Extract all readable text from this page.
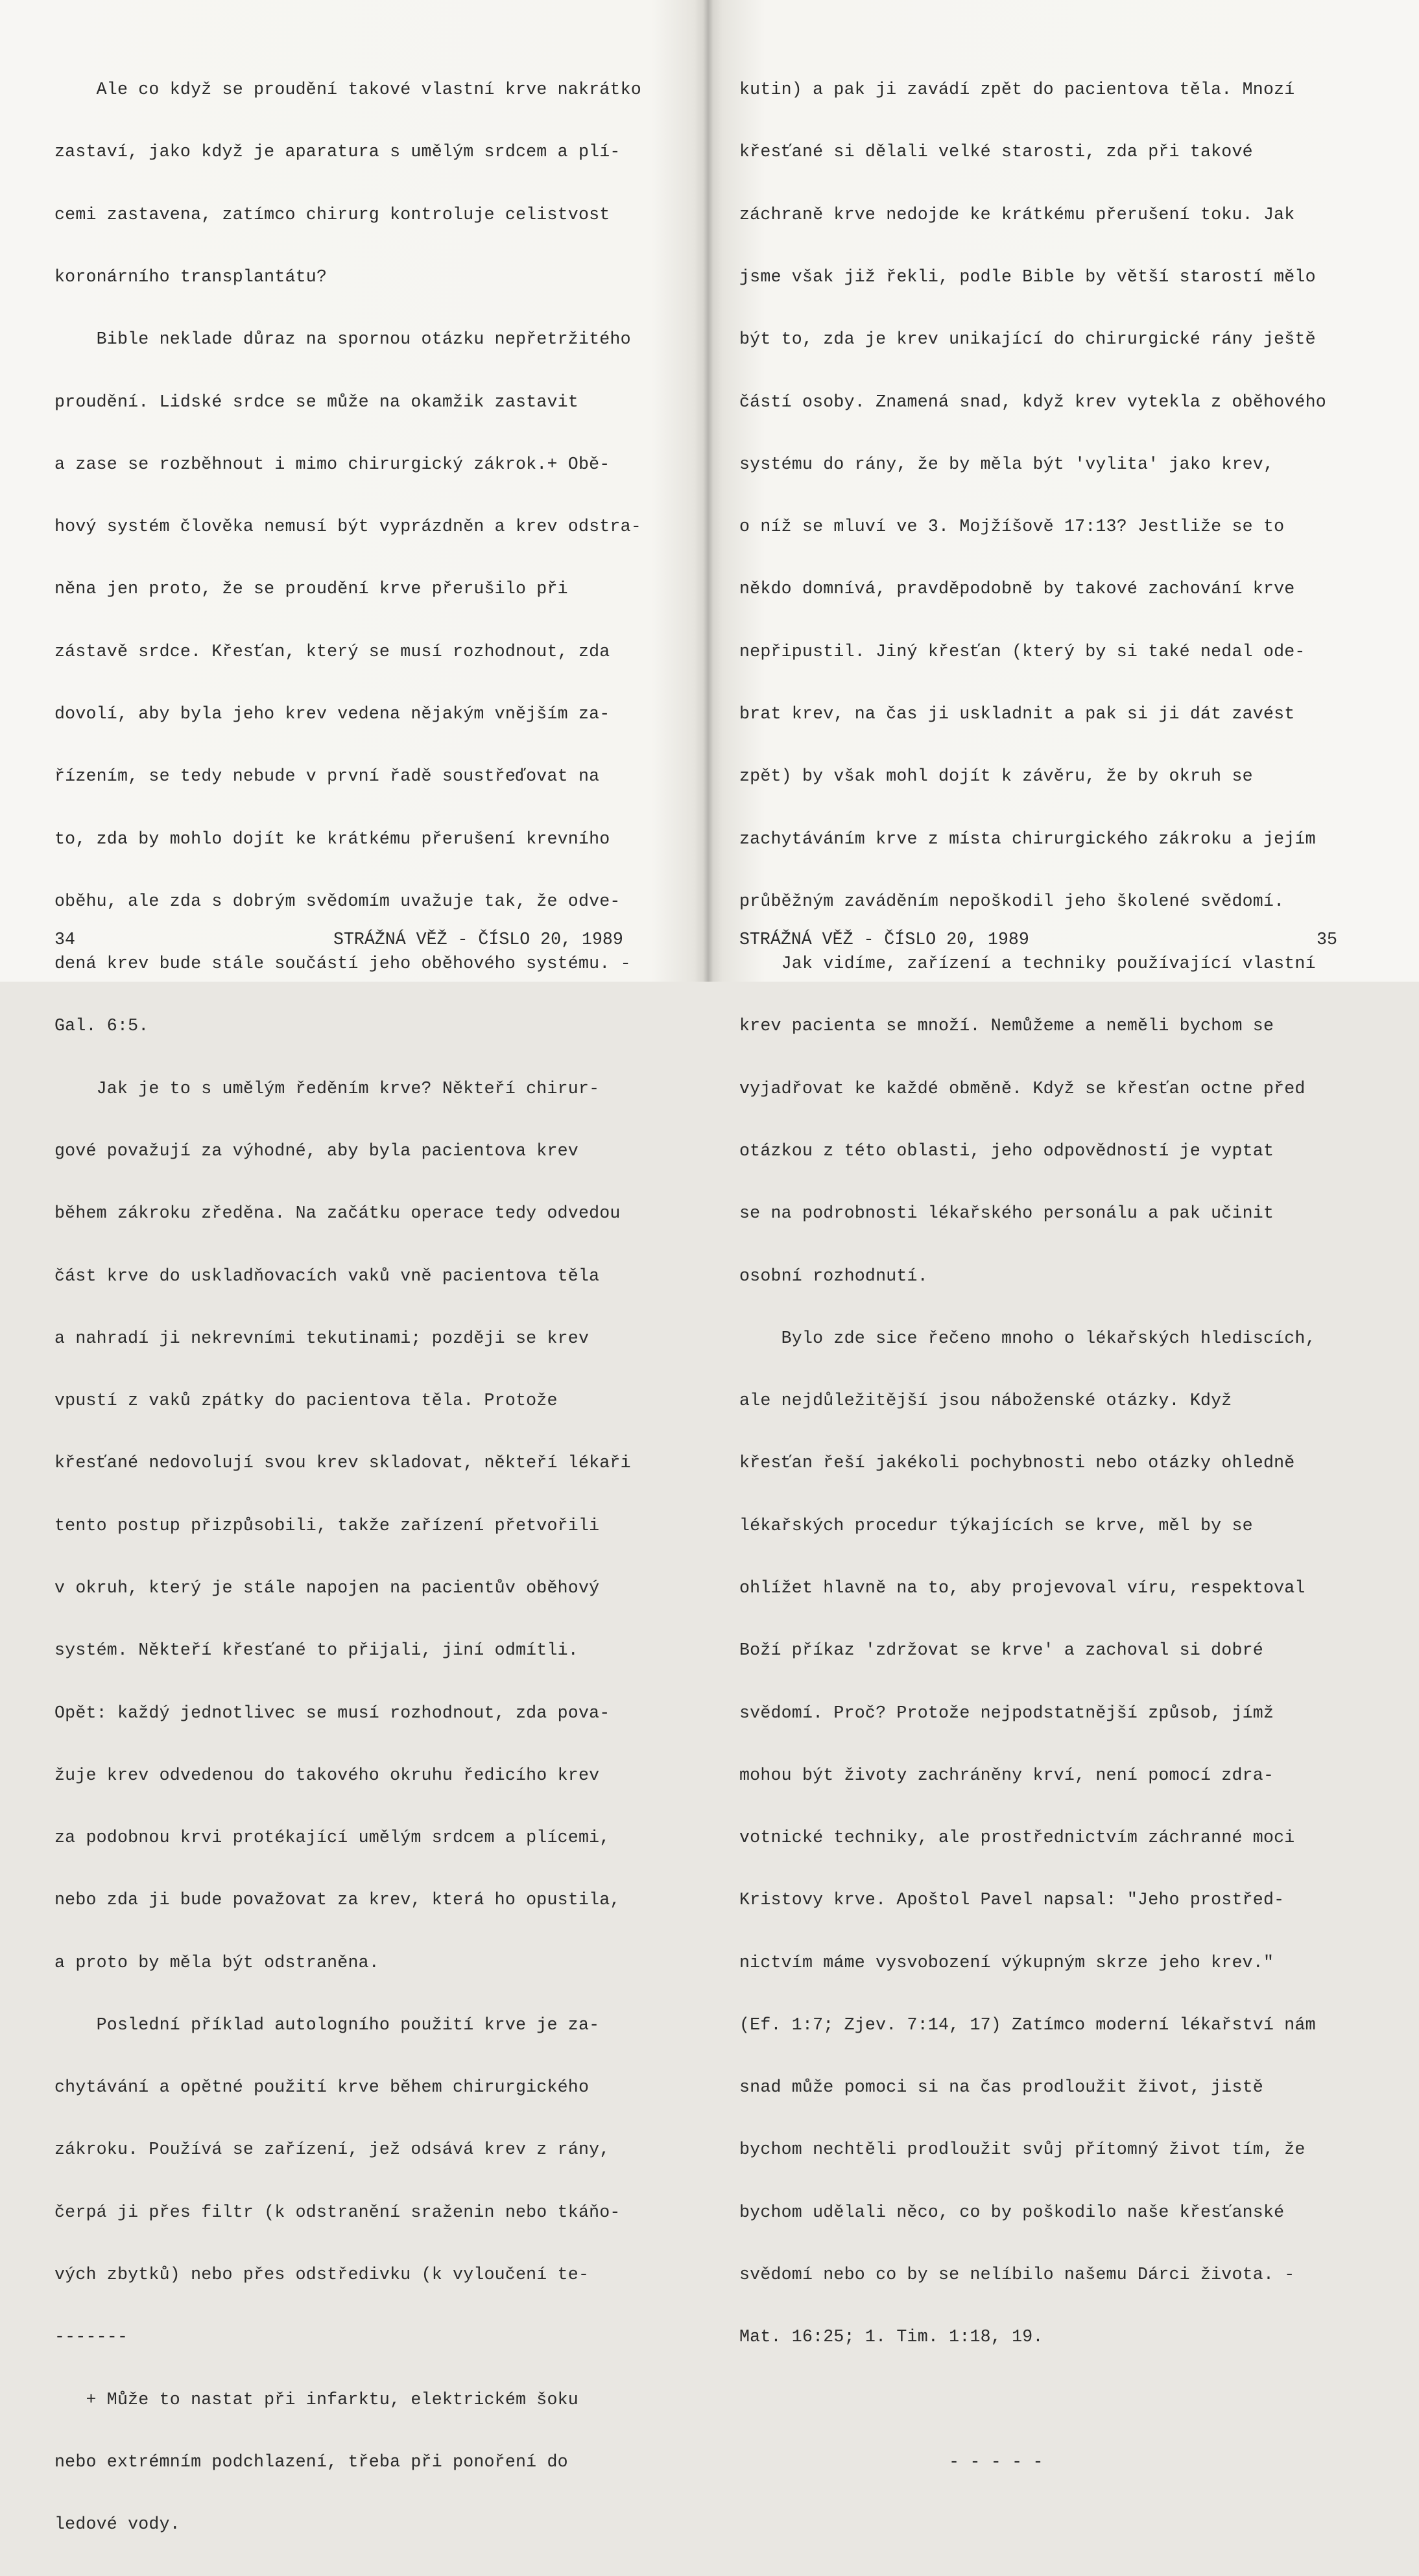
Ale co když se proudění takové vlastní krve nakrátko

zastaví, jako když je aparatura s umělým srdcem a plí-

cemi zastavena, zatímco chirurg kontroluje celistvost

koronárního transplantátu?

Bible neklade důraz na spornou otázku nepřetržitého

proudění. Lidské srdce se může na okamžik zastavit

a zase se rozběhnout i mimo chirurgický zákrok.+ Obě-

hový systém člověka nemusí být vyprázdněn a krev odstra-

něna jen proto, že se proudění krve přerušilo při

zástavě srdce. Křesťan, který se musí rozhodnout, zda

dovolí, aby byla jeho krev vedena nějakým vnějším za-

řízením, se tedy nebude v první řadě soustřeďovat na

to, zda by mohlo dojít ke krátkému přerušení krevního

oběhu, ale zda s dobrým svědomím uvažuje tak, že odve-

dená krev bude stále součástí jeho oběhového systému. -

Gal. 6:5.

Jak je to s umělým ředěním krve? Někteří chirur-

gové považují za výhodné, aby byla pacientova krev

během zákroku zředěna. Na začátku operace tedy odvedou

část krve do uskladňovacích vaků vně pacientova těla

a nahradí ji nekrevními tekutinami; později se krev

vpustí z vaků zpátky do pacientova těla. Protože

křesťané nedovolují svou krev skladovat, někteří lékaři

tento postup přizpůsobili, takže zařízení přetvořili

v okruh, který je stále napojen na pacientův oběhový

systém. Někteří křesťané to přijali, jiní odmítli.

Opět: každý jednotlivec se musí rozhodnout, zda pova-

žuje krev odvedenou do takového okruhu ředicího krev

za podobnou krvi protékající umělým srdcem a plícemi,

nebo zda ji bude považovat za krev, která ho opustila,

a proto by měla být odstraněna.

Poslední příklad autologního použití krve je za-

chytávání a opětné použití krve během chirurgického

zákroku. Používá se zařízení, jež odsává krev z rány,

čerpá ji přes filtr (k odstranění sraženin nebo tkáňo-

vých zbytků) nebo přes odstředivku (k vyloučení te-

-------

+ Může to nastat při infarktu, elektrickém šoku

nebo extrémním podchlazení, třeba při ponoření do

ledové vody.

34

	STRÁŽNÁ VĚŽ - ČÍSLO 20, 1989

kutin) a pak ji zavádí zpět do pacientova těla. Mnozí

křesťané si dělali velké starosti, zda při takové

záchraně krve nedojde ke krátkému přerušení toku. Jak

jsme však již řekli, podle Bible by větší starostí mělo

být to, zda je krev unikající do chirurgické rány ještě

částí osoby. Znamená snad, když krev vytekla z oběhového

systému do rány, že by měla být 'vylita' jako krev,

o níž se mluví ve 3. Mojžíšově 17:13? Jestliže se to

někdo domnívá, pravděpodobně by takové zachování krve

nepřipustil. Jiný křesťan (který by si také nedal ode-

brat krev, na čas ji uskladnit a pak si ji dát zavést

zpět) by však mohl dojít k závěru, že by okruh se

zachytáváním krve z místa chirurgického zákroku a jejím

průběžným zaváděním nepoškodil jeho školené svědomí.

Jak vidíme, zařízení a techniky používající vlastní

krev pacienta se množí. Nemůžeme a neměli bychom se

vyjadřovat ke každé obměně. Když se křesťan octne před

otázkou z této oblasti, jeho odpovědností je vyptat

se na podrobnosti lékařského personálu a pak učinit

osobní rozhodnutí.

Bylo zde sice řečeno mnoho o lékařských hlediscích,

ale nejdůležitější jsou náboženské otázky. Když

křesťan řeší jakékoli pochybnosti nebo otázky ohledně

lékařských procedur týkajících se krve, měl by se

ohlížet hlavně na to, aby projevoval víru, respektoval

Boží příkaz 'zdržovat se krve' a zachoval si dobré

svědomí. Proč? Protože nejpodstatnější způsob, jímž

mohou být životy zachráněny krví, není pomocí zdra-

votnické techniky, ale prostřednictvím záchranné moci

Kristovy krve. Apoštol Pavel napsal: "Jeho prostřed-

nictvím máme vysvobození výkupným skrze jeho krev."

(Ef. 1:7; Zjev. 7:14, 17) Zatímco moderní lékařství nám

snad může pomoci si na čas prodloužit život, jistě

bychom nechtěli prodloužit svůj přítomný život tím, že

bychom udělali něco, co by poškodilo naše křesťanské

svědomí nebo co by se nelíbilo našemu Dárci života. -

Mat. 16:25; 1. Tim. 1:18, 19.

- - - - -

STRÁŽNÁ VĚŽ - ČÍSLO 20, 1989

	35
